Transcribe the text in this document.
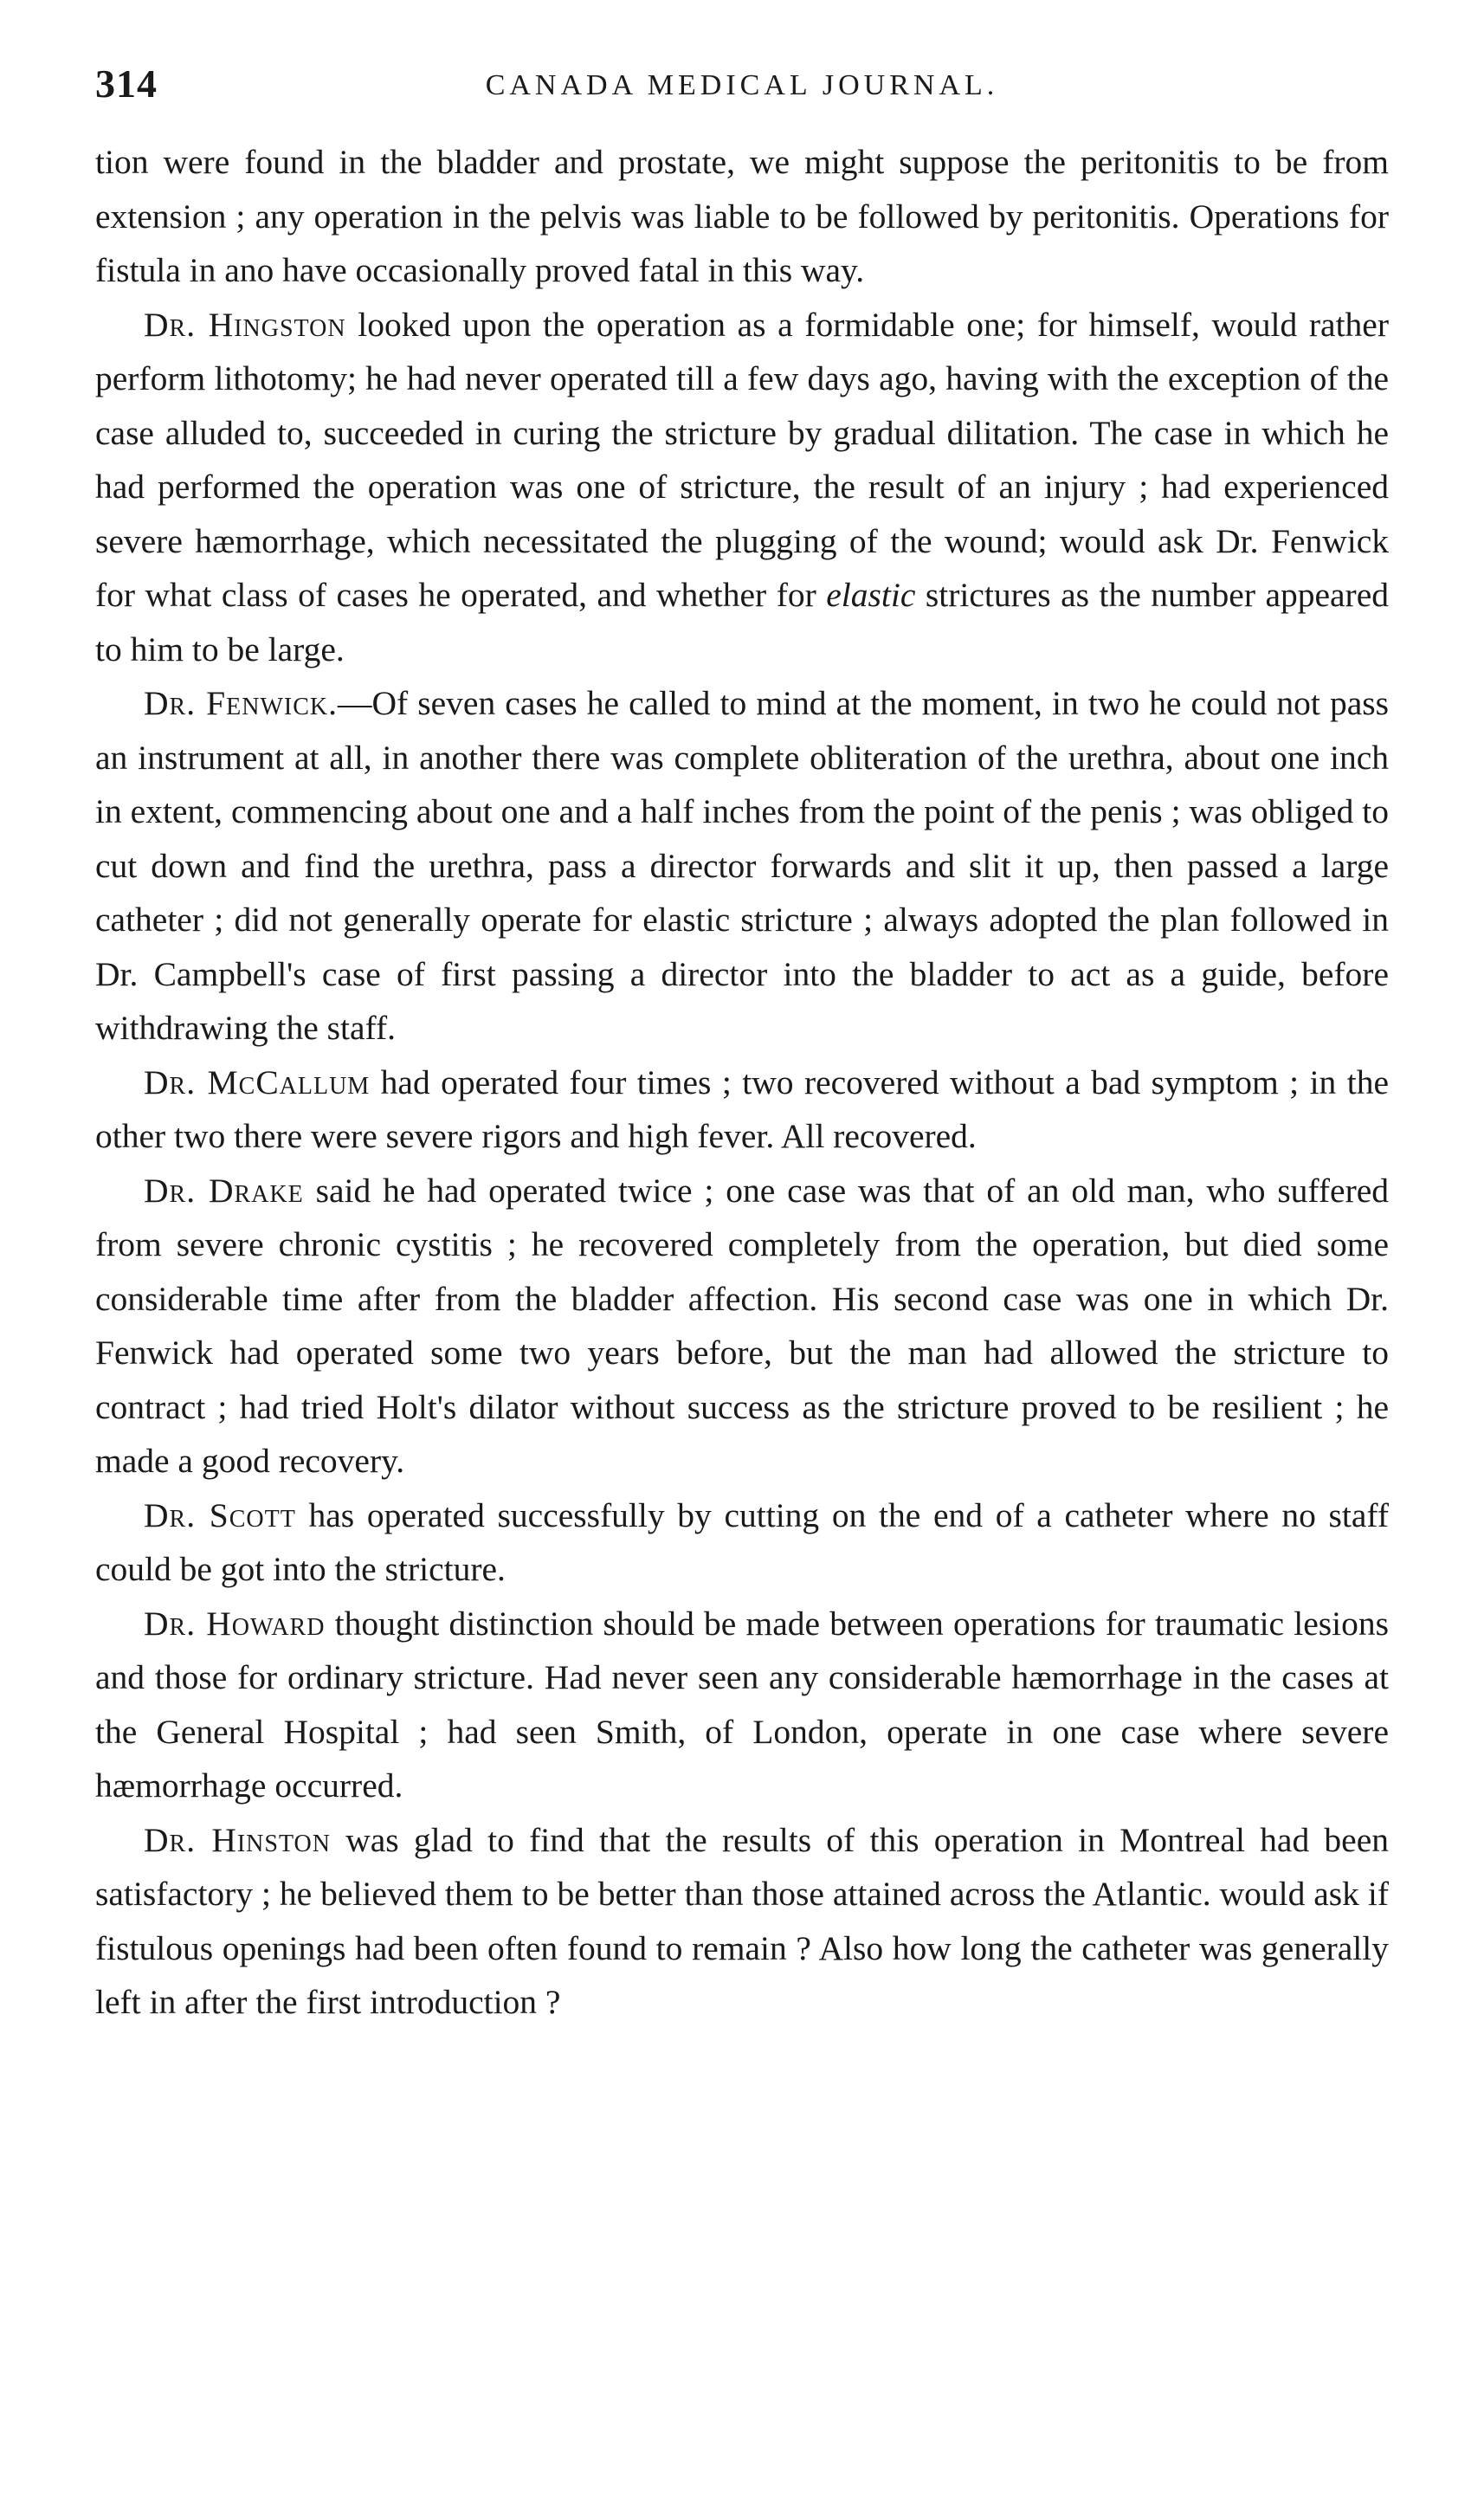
314	CANADA MEDICAL JOURNAL.

tion were found in the bladder and prostate, we might suppose the peritonitis to be from extension ; any operation in the pelvis was liable to be followed by peritonitis. Operations for fistula in ano have occasionally proved fatal in this way.

Dr. Hingston looked upon the operation as a formidable one; for himself, would rather perform lithotomy; he had never operated till a few days ago, having with the exception of the case alluded to, succeeded in curing the stricture by gradual dilitation. The case in which he had performed the operation was one of stricture, the result of an injury ; had experienced severe hæmorrhage, which necessitated the plugging of the wound; would ask Dr. Fenwick for what class of cases he operated, and whether for elastic strictures as the number appeared to him to be large.

Dr. Fenwick.—Of seven cases he called to mind at the moment, in two he could not pass an instrument at all, in another there was complete obliteration of the urethra, about one inch in extent, commencing about one and a half inches from the point of the penis ; was obliged to cut down and find the urethra, pass a director forwards and slit it up, then passed a large catheter ; did not generally operate for elastic stricture ; always adopted the plan followed in Dr. Campbell's case of first passing a director into the bladder to act as a guide, before withdrawing the staff.

Dr. McCallum had operated four times ; two recovered without a bad symptom ; in the other two there were severe rigors and high fever. All recovered.

Dr. Drake said he had operated twice ; one case was that of an old man, who suffered from severe chronic cystitis ; he recovered completely from the operation, but died some considerable time after from the bladder affection. His second case was one in which Dr. Fenwick had operated some two years before, but the man had allowed the stricture to contract ; had tried Holt's dilator without success as the stricture proved to be resilient ; he made a good recovery.

Dr. Scott has operated successfully by cutting on the end of a catheter where no staff could be got into the stricture.

Dr. Howard thought distinction should be made between operations for traumatic lesions and those for ordinary stricture. Had never seen any considerable hæmorrhage in the cases at the General Hospital ; had seen Smith, of London, operate in one case where severe hæmorrhage occurred.

Dr. Hinston was glad to find that the results of this operation in Montreal had been satisfactory ; he believed them to be better than those attained across the Atlantic. would ask if fistulous openings had been often found to remain ? Also how long the catheter was generally left in after the first introduction ?
